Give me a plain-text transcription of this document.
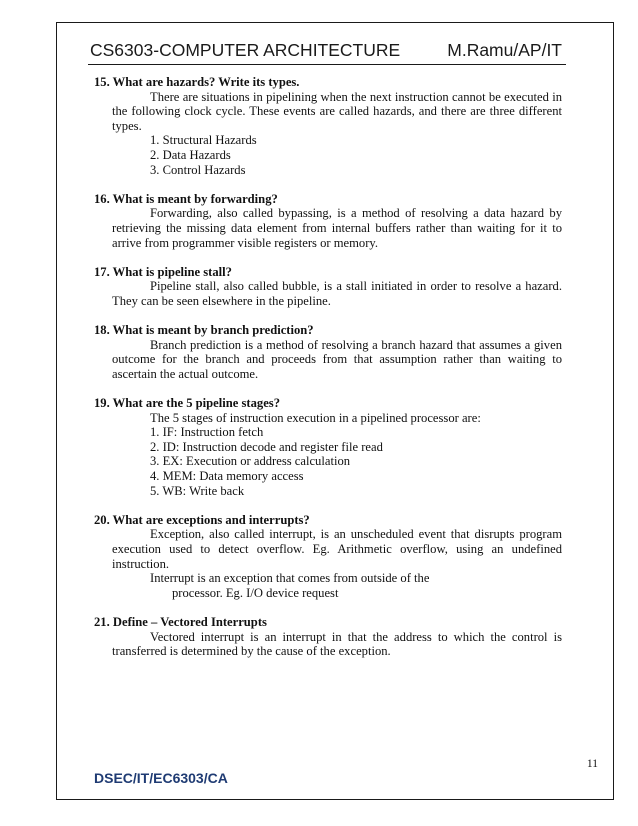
CS6303-COMPUTER ARCHITECTURE	M.Ramu/AP/IT

15. What are hazards? Write its types.

There are situations in pipelining when the next instruction cannot be executed in the following clock cycle. These events are called hazards, and there are three different types.

1. Structural Hazards

2. Data Hazards

3. Control Hazards

16. What is meant by forwarding?

Forwarding, also called bypassing, is a method of resolving a data hazard by retrieving the missing data element from internal buffers rather than waiting for it to arrive from programmer visible registers or memory.

17. What is pipeline stall?

Pipeline stall, also called bubble, is a stall initiated in order to resolve a hazard. They can be seen elsewhere in the pipeline.

18. What is meant by branch prediction?

Branch prediction is a method of resolving a branch hazard that assumes a given outcome for the branch and proceeds from that assumption rather than waiting to ascertain the actual outcome.

19. What are the 5 pipeline stages?

The 5 stages of instruction execution in a pipelined processor are:

1. IF: Instruction fetch

2. ID: Instruction decode and register file read

3. EX: Execution or address calculation

4. MEM: Data memory access

5. WB: Write back

20. What are exceptions and interrupts?

Exception, also called interrupt, is an unscheduled event that disrupts program execution used to detect overflow. Eg. Arithmetic overflow, using an undefined instruction.

Interrupt is an exception that comes from outside of the

processor. Eg. I/O device request

21. Define – Vectored Interrupts

Vectored interrupt is an interrupt in that the address to which the control is transferred is determined by the cause of the exception.

11
DSEC/IT/EC6303/CA
